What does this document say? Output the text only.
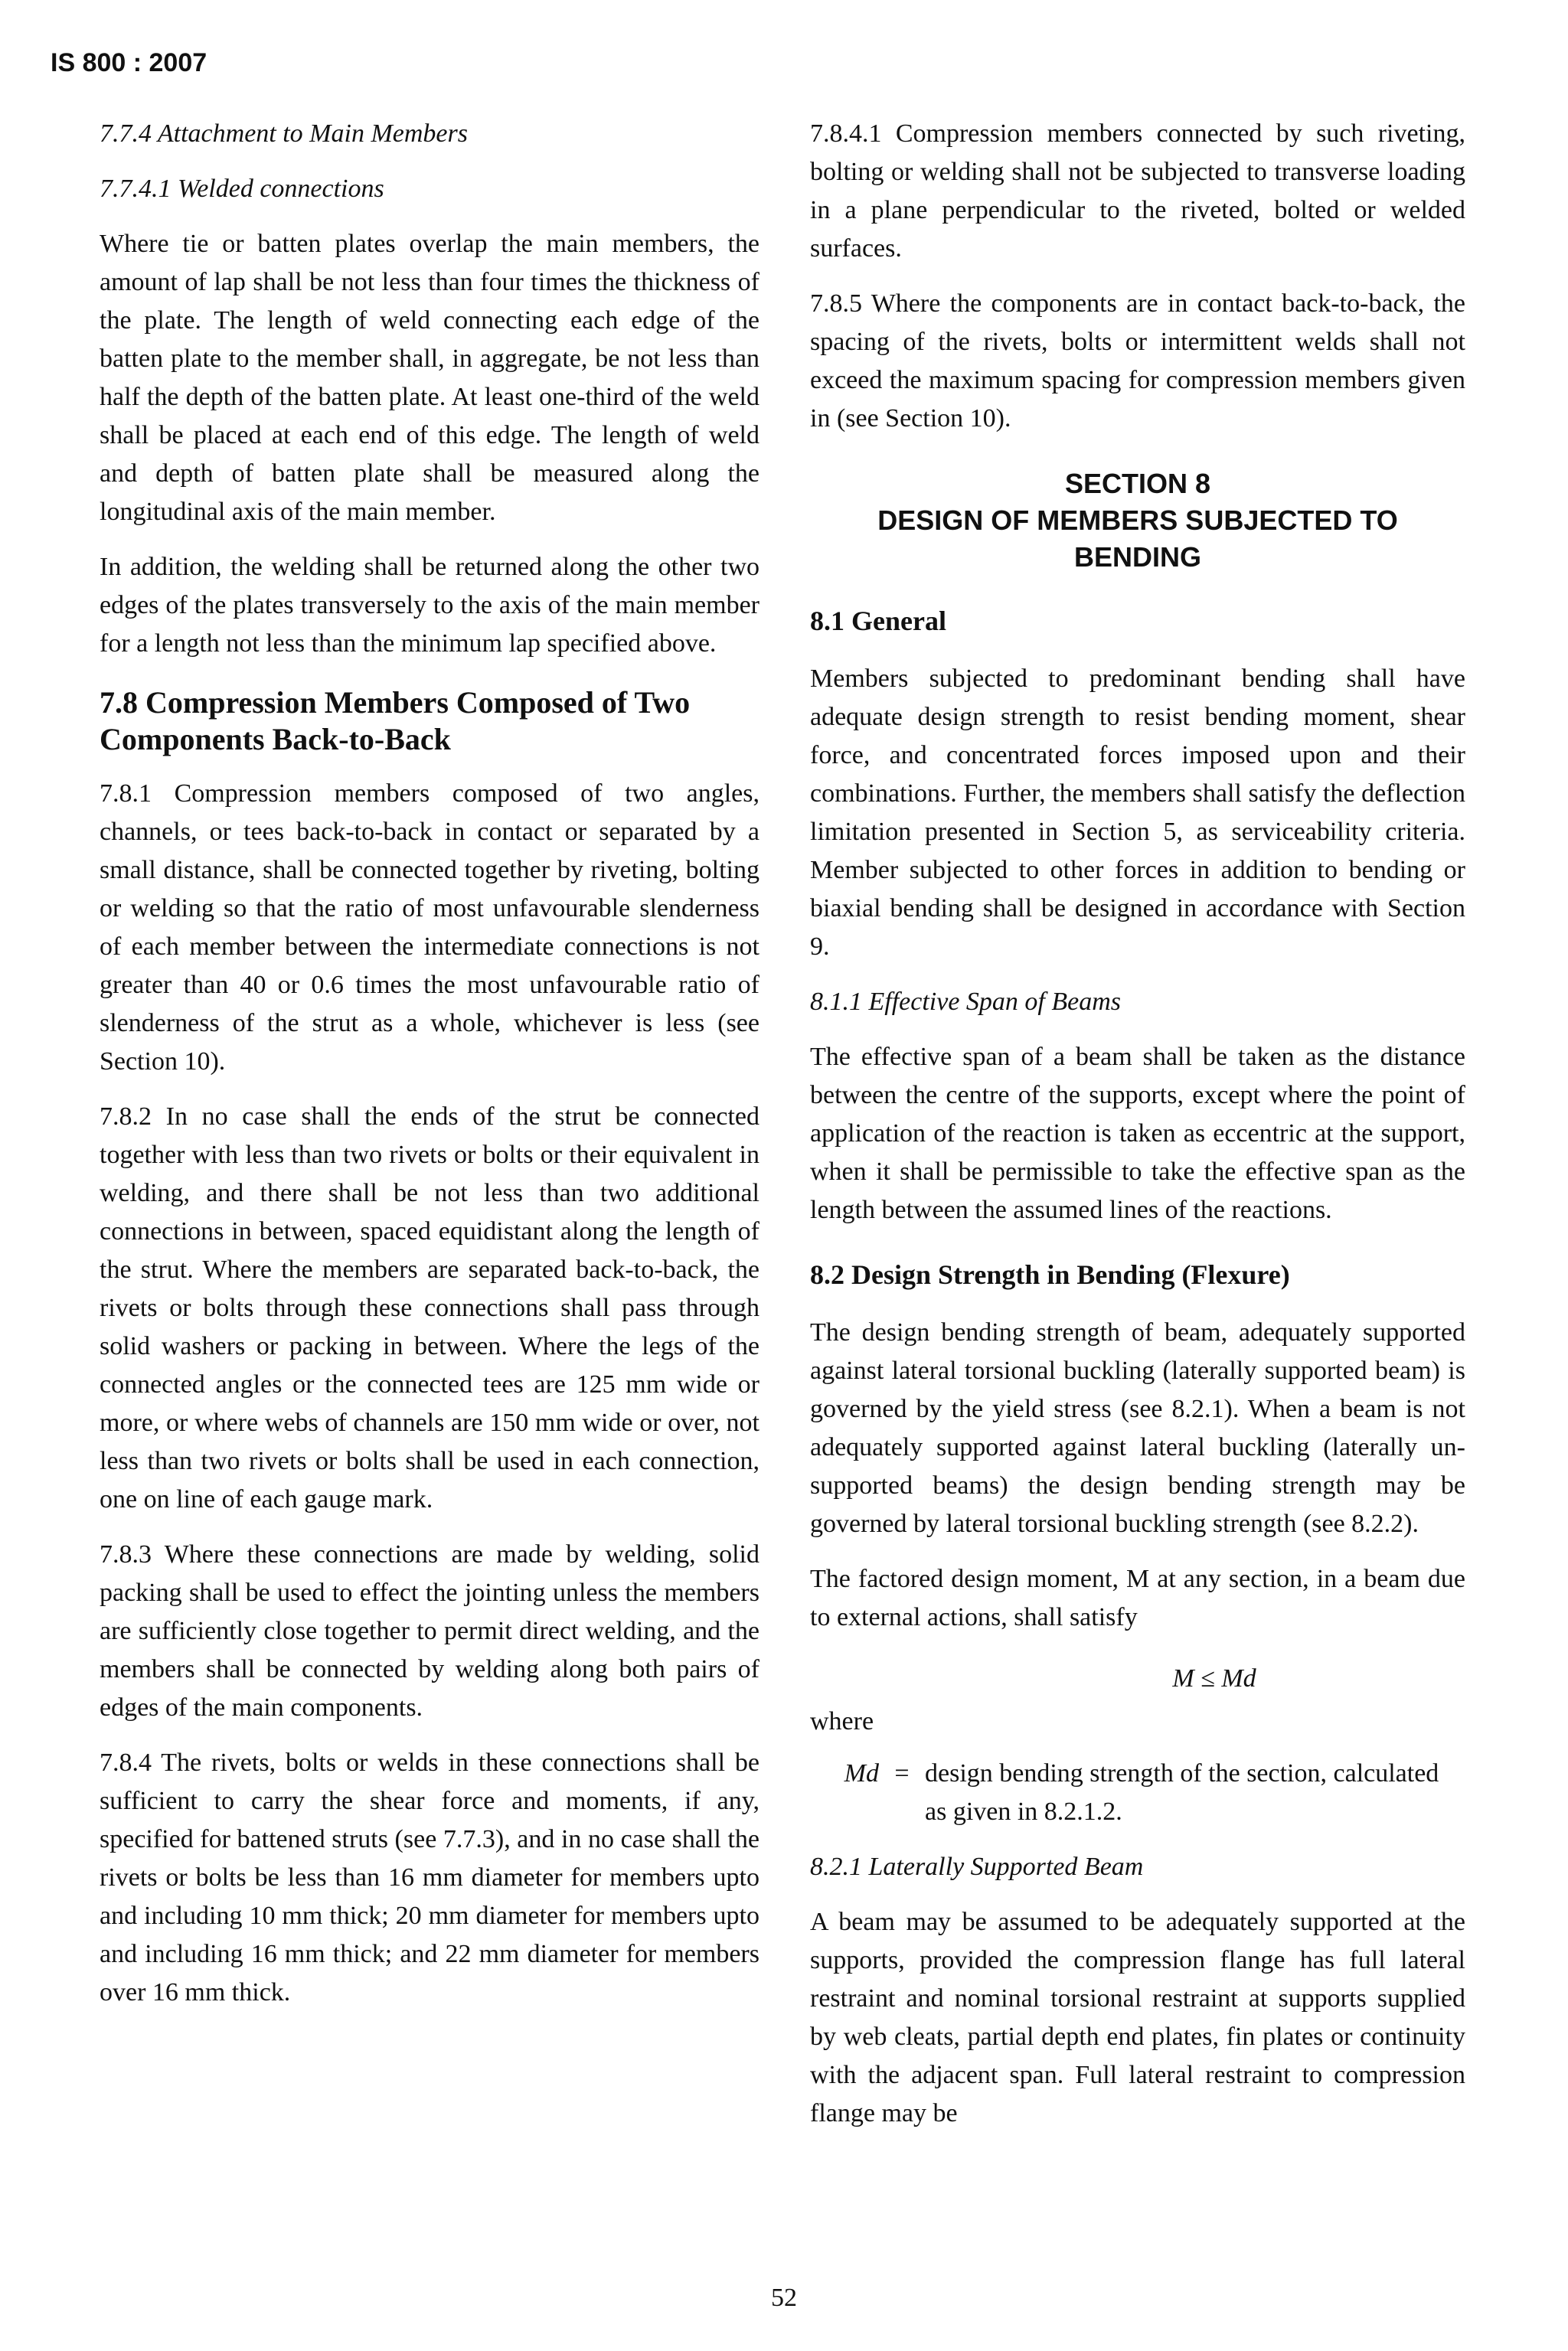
IS 800 : 2007

7.7.4 Attachment to Main Members

7.7.4.1 Welded connections

Where tie or batten plates overlap the main members, the amount of lap shall be not less than four times the thickness of the plate. The length of weld connecting each edge of the batten plate to the member shall, in aggregate, be not less than half the depth of the batten plate. At least one-third of the weld shall be placed at each end of this edge. The length of weld and depth of batten plate shall be measured along the longitudinal axis of the main member.

In addition, the welding shall be returned along the other two edges of the plates transversely to the axis of the main member for a length not less than the minimum lap specified above.

7.8 Compression Members Composed of Two Components Back-to-Back

7.8.1 Compression members composed of two angles, channels, or tees back-to-back in contact or separated by a small distance, shall be connected together by riveting, bolting or welding so that the ratio of most unfavourable slenderness of each member between the intermediate connections is not greater than 40 or 0.6 times the most unfavourable ratio of slenderness of the strut as a whole, whichever is less (see Section 10).

7.8.2 In no case shall the ends of the strut be connected together with less than two rivets or bolts or their equivalent in welding, and there shall be not less than two additional connections in between, spaced equidistant along the length of the strut. Where the members are separated back-to-back, the rivets or bolts through these connections shall pass through solid washers or packing in between. Where the legs of the connected angles or the connected tees are 125 mm wide or more, or where webs of channels are 150 mm wide or over, not less than two rivets or bolts shall be used in each connection, one on line of each gauge mark.

7.8.3 Where these connections are made by welding, solid packing shall be used to effect the jointing unless the members are sufficiently close together to permit direct welding, and the members shall be connected by welding along both pairs of edges of the main components.

7.8.4 The rivets, bolts or welds in these connections shall be sufficient to carry the shear force and moments, if any, specified for battened struts (see 7.7.3), and in no case shall the rivets or bolts be less than 16 mm diameter for members upto and including 10 mm thick; 20 mm diameter for members upto and including 16 mm thick; and 22 mm diameter for members over 16 mm thick.

7.8.4.1 Compression members connected by such riveting, bolting or welding shall not be subjected to transverse loading in a plane perpendicular to the riveted, bolted or welded surfaces.

7.8.5 Where the components are in contact back-to-back, the spacing of the rivets, bolts or intermittent welds shall not exceed the maximum spacing for compression members given in (see Section 10).

SECTION 8
DESIGN OF MEMBERS SUBJECTED TO
BENDING

8.1 General

Members subjected to predominant bending shall have adequate design strength to resist bending moment, shear force, and concentrated forces imposed upon and their combinations. Further, the members shall satisfy the deflection limitation presented in Section 5, as serviceability criteria. Member subjected to other forces in addition to bending or biaxial bending shall be designed in accordance with Section 9.

8.1.1 Effective Span of Beams

The effective span of a beam shall be taken as the distance between the centre of the supports, except where the point of application of the reaction is taken as eccentric at the support, when it shall be permissible to take the effective span as the length between the assumed lines of the reactions.

8.2 Design Strength in Bending (Flexure)

The design bending strength of beam, adequately supported against lateral torsional buckling (laterally supported beam) is governed by the yield stress (see 8.2.1). When a beam is not adequately supported against lateral buckling (laterally un-supported beams) the design bending strength may be governed by lateral torsional buckling strength (see 8.2.2).

The factored design moment, M at any section, in a beam due to external actions, shall satisfy

M ≤ Md

where

Md = design bending strength of the section, calculated as given in 8.2.1.2.

8.2.1 Laterally Supported Beam

A beam may be assumed to be adequately supported at the supports, provided the compression flange has full lateral restraint and nominal torsional restraint at supports supplied by web cleats, partial depth end plates, fin plates or continuity with the adjacent span. Full lateral restraint to compression flange may be

52
